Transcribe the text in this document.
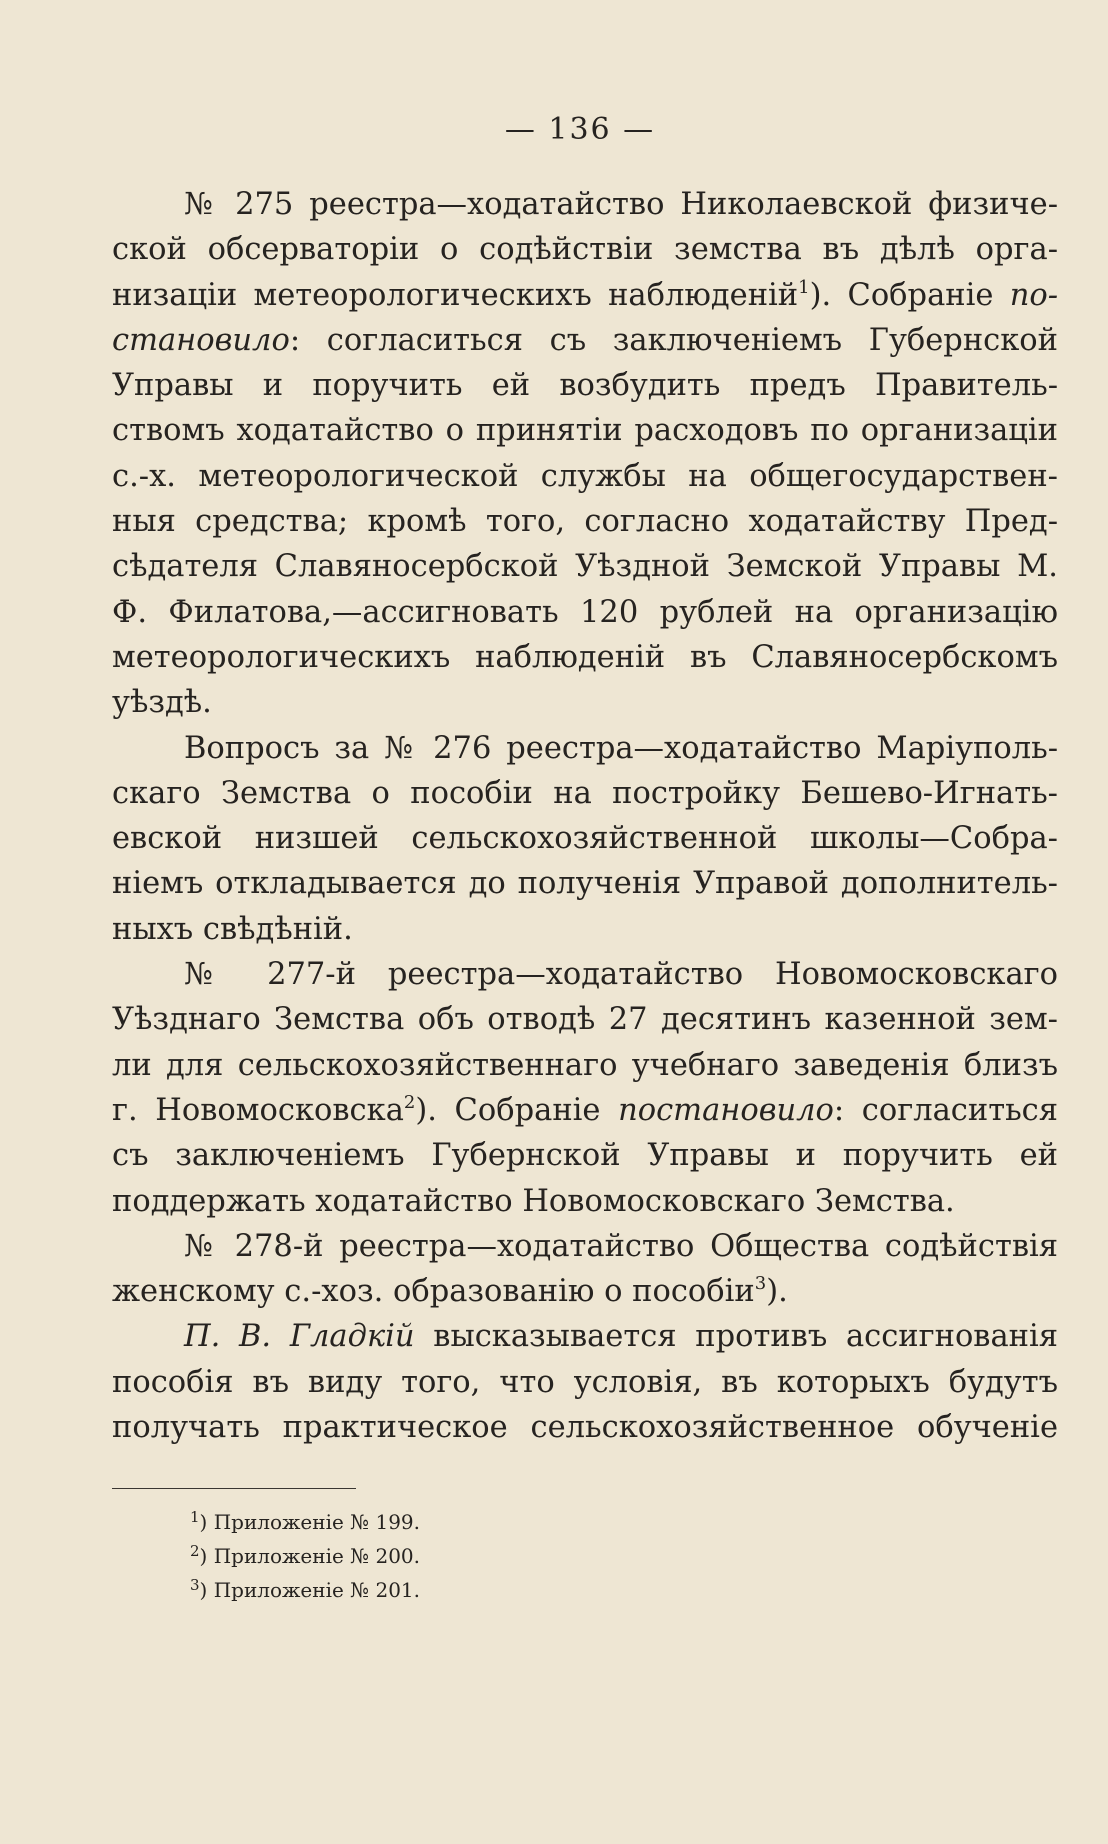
— 136 —
№ 275 реестра—ходатайство Николаевской физиче-
ской обсерваторіи о содѣйствіи земства въ дѣлѣ орга-
низаціи метеорологическихъ наблюденій$^1$). Собраніе по-
становило: согласиться съ заключеніемъ Губернской
Управы и поручить ей возбудить предъ Правитель-
ствомъ ходатайство о принятіи расходовъ по организаціи
с.-х. метеорологической службы на общегосударствен-
ныя средства; кромѣ того, согласно ходатайству Пред-
сѣдателя Славяносербской Уѣздной Земской Управы М.
Ф. Филатова,—ассигновать 120 рублей на организацію
метеорологическихъ наблюденій въ Славяносербскомъ
уѣздѣ.
Вопросъ за № 276 реестра—ходатайство Маріуполь-
скаго Земства о пособіи на постройку Бешево-Игнать-
евской низшей сельскохозяйственной школы—Собра-
ніемъ откладывается до полученія Управой дополнитель-
ныхъ свѣдѣній.
№ 277-й реестра—ходатайство Новомосковскаго
Уѣзднаго Земства объ отводѣ 27 десятинъ казенной зем-
ли для сельскохозяйственнаго учебнаго заведенія близъ
г. Новомосковска$^2$). Собраніе постановило: согласиться
съ заключеніемъ Губернской Управы и поручить ей
поддержать ходатайство Новомосковскаго Земства.
№ 278-й реестра—ходатайство Общества содѣйствія
женскому с.-хоз. образованію о пособіи$^3$).
П. В. Гладкій высказывается противъ ассигнованія
пособія въ виду того, что условія, въ которыхъ будутъ
получать практическое сельскохозяйственное обученіе
$^1$) Приложеніе № 199.
$^2$) Приложеніе № 200.
$^3$) Приложеніе № 201.
